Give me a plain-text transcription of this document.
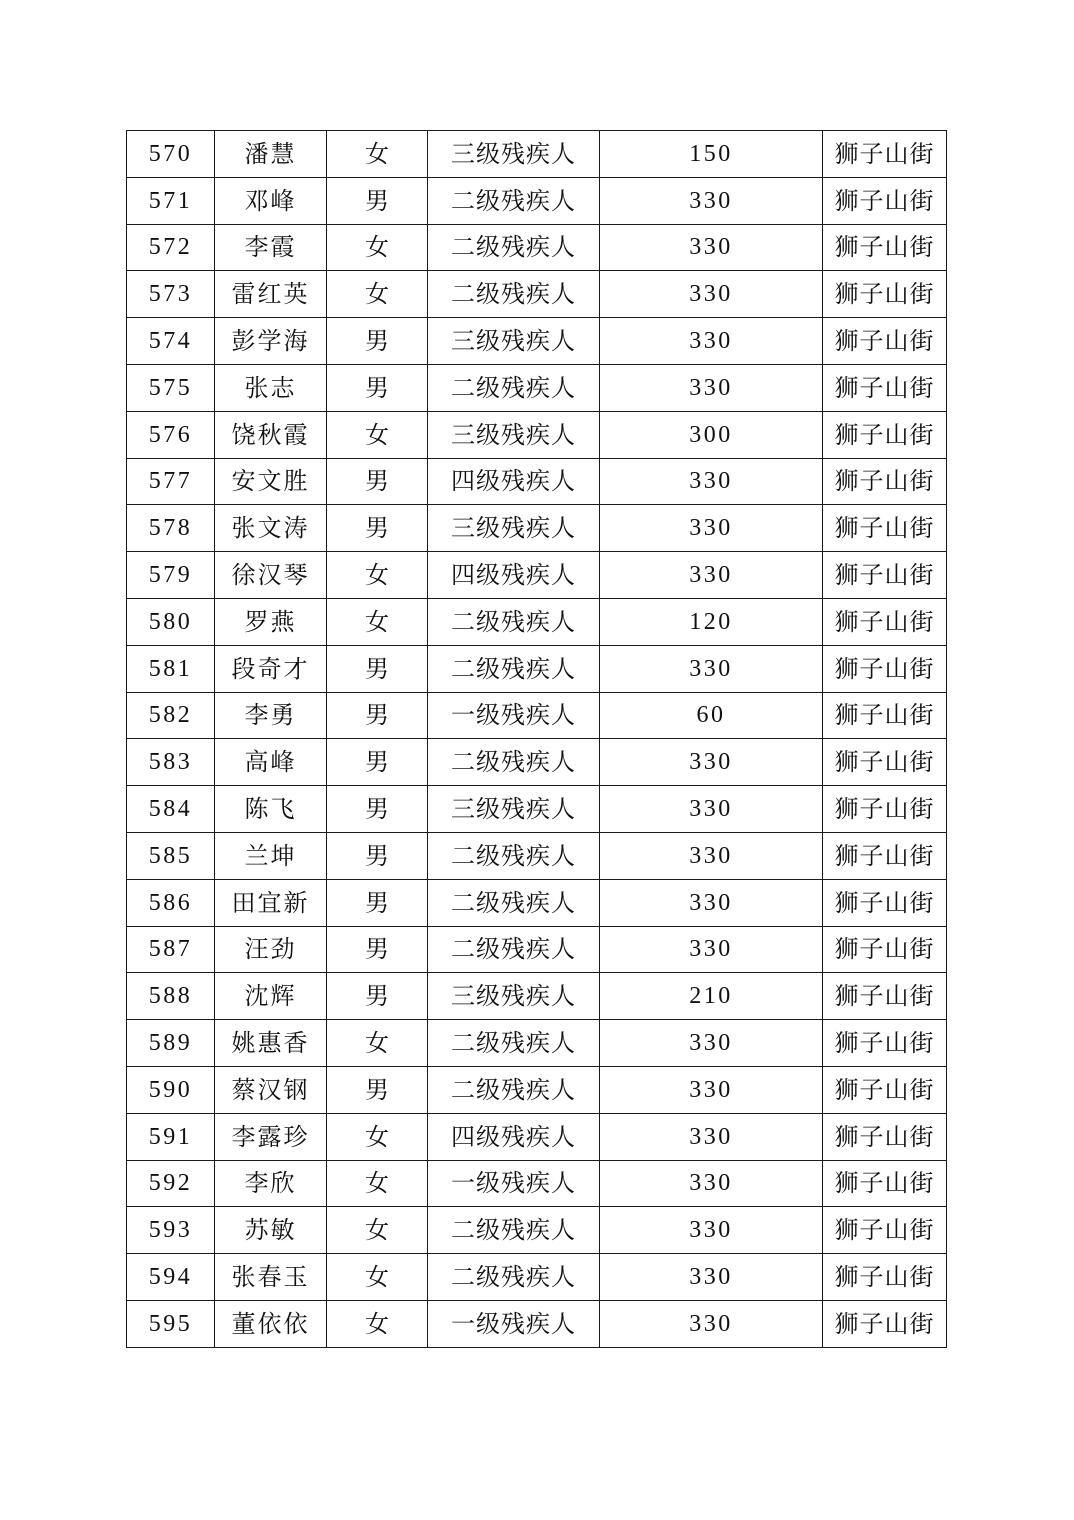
570	潘慧	女	三级残疾人	150	狮子山街
571	邓峰	男	二级残疾人	330	狮子山街
572	李霞	女	二级残疾人	330	狮子山街
573	雷红英	女	二级残疾人	330	狮子山街
574	彭学海	男	三级残疾人	330	狮子山街
575	张志	男	二级残疾人	330	狮子山街
576	饶秋霞	女	三级残疾人	300	狮子山街
577	安文胜	男	四级残疾人	330	狮子山街
578	张文涛	男	三级残疾人	330	狮子山街
579	徐汉琴	女	四级残疾人	330	狮子山街
580	罗燕	女	二级残疾人	120	狮子山街
581	段奇才	男	二级残疾人	330	狮子山街
582	李勇	男	一级残疾人	60	狮子山街
583	高峰	男	二级残疾人	330	狮子山街
584	陈飞	男	三级残疾人	330	狮子山街
585	兰坤	男	二级残疾人	330	狮子山街
586	田宜新	男	二级残疾人	330	狮子山街
587	汪劲	男	二级残疾人	330	狮子山街
588	沈辉	男	三级残疾人	210	狮子山街
589	姚惠香	女	二级残疾人	330	狮子山街
590	蔡汉钢	男	二级残疾人	330	狮子山街
591	李露珍	女	四级残疾人	330	狮子山街
592	李欣	女	一级残疾人	330	狮子山街
593	苏敏	女	二级残疾人	330	狮子山街
594	张春玉	女	二级残疾人	330	狮子山街
595	董依依	女	一级残疾人	330	狮子山街
